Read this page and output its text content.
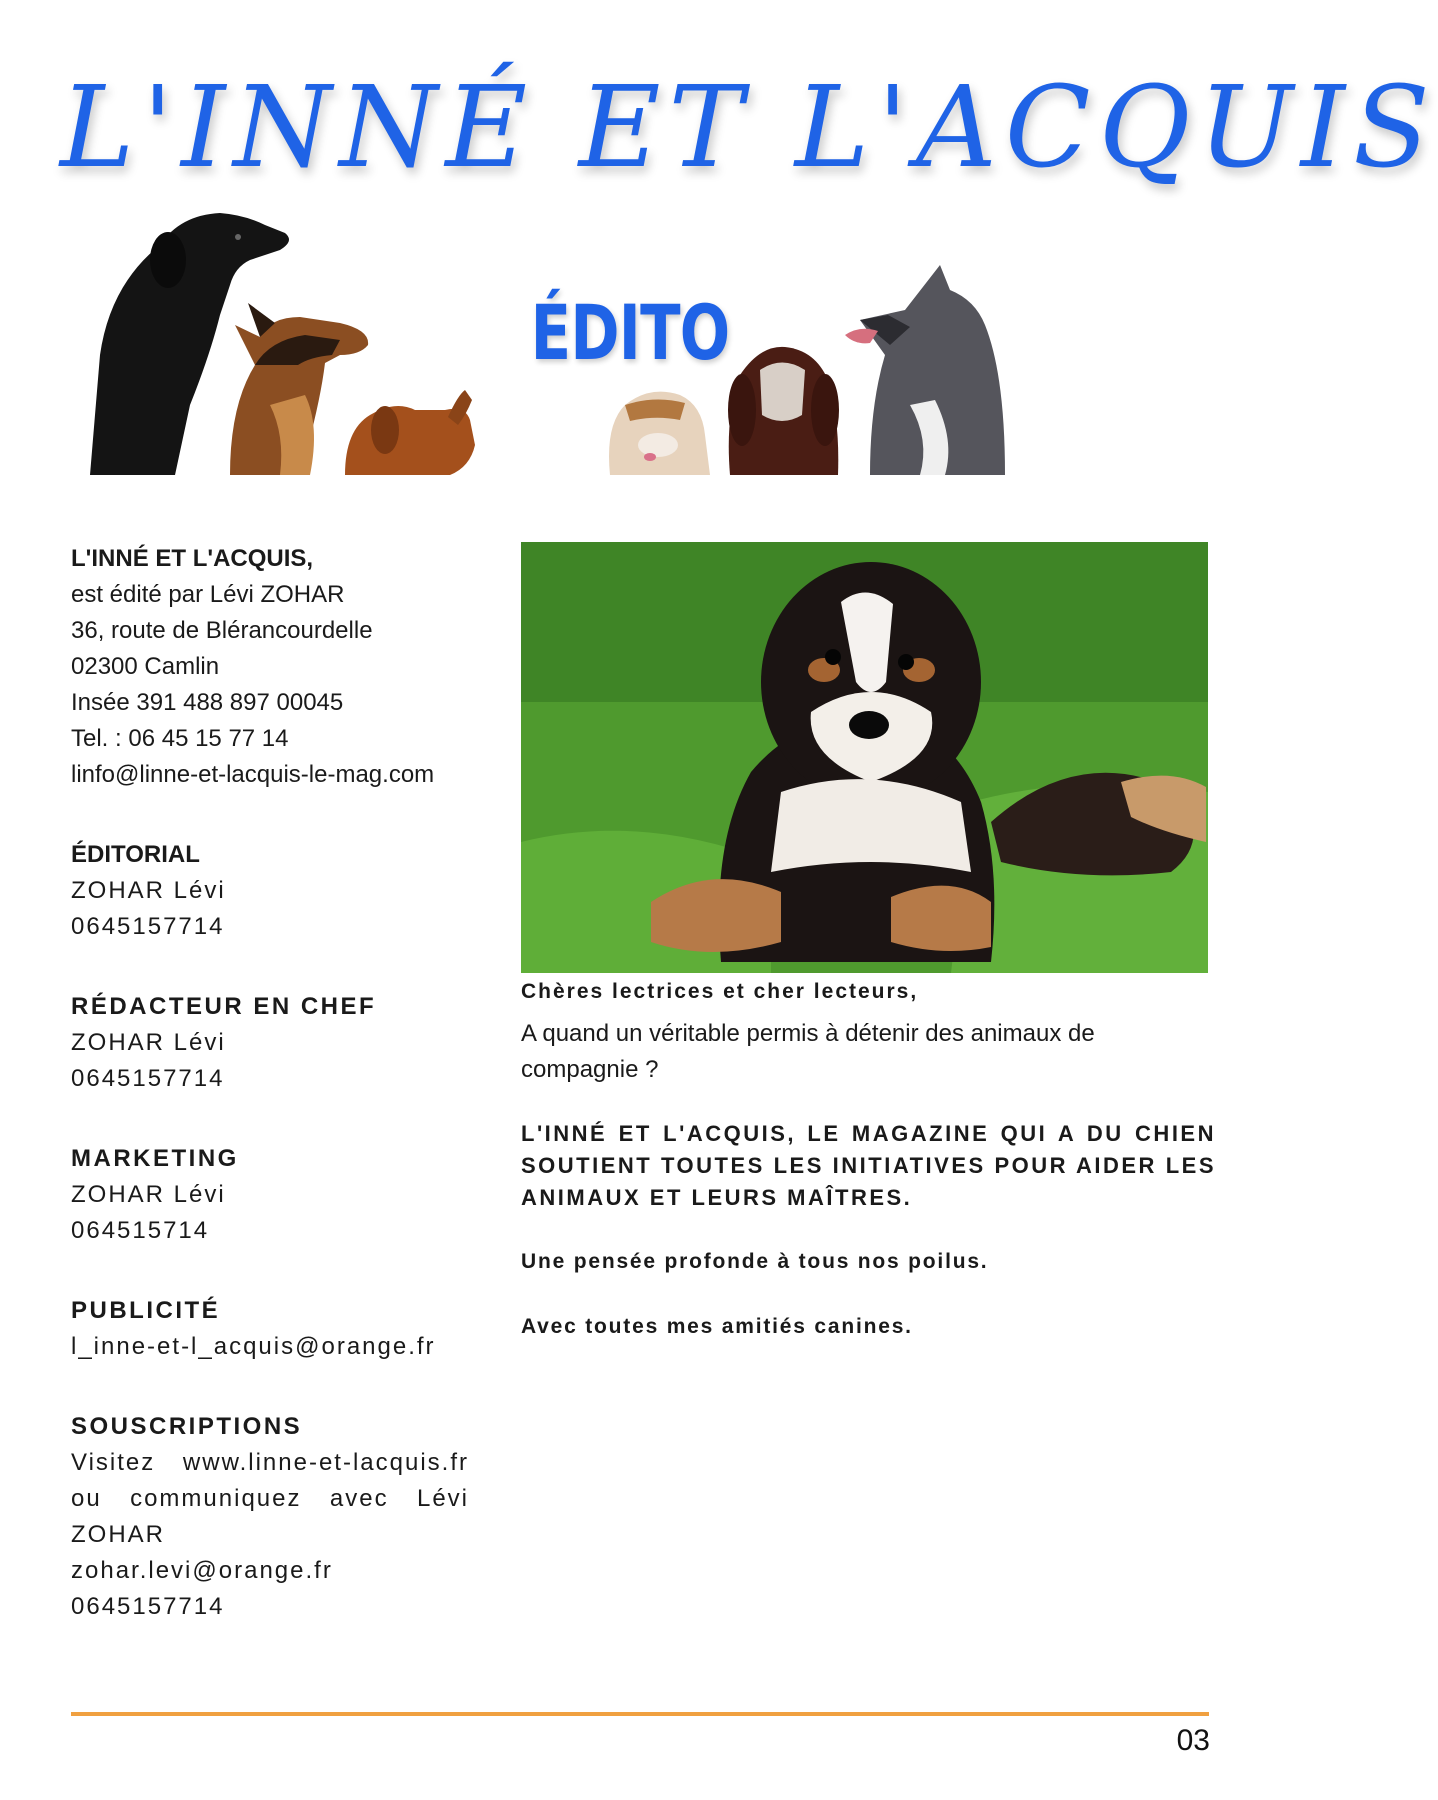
L'INNÉ ET L'ACQUIS
ÉDITO
L'INNÉ ET L'ACQUIS,
est édité par Lévi ZOHAR
36, route de Blérancourdelle
02300 Camlin
Insée 391 488 897 00045
Tel. : 06 45 15 77 14
linfo@linne-et-lacquis-le-mag.com
ÉDITORIAL
ZOHAR Lévi
0645157714
RÉDACTEUR EN CHEF
ZOHAR Lévi
0645157714
MARKETING
ZOHAR Lévi
064515714
PUBLICITÉ
l_inne-et-l_acquis@orange.fr
SOUSCRIPTIONS
Visitez www.linne-et-lacquis.fr ou communiquez avec Lévi ZOHAR
zohar.levi@orange.fr
0645157714

Chères lectrices et cher lecteurs,

A quand un véritable permis à détenir des animaux de compagnie ?

L'INNÉ ET L'ACQUIS, LE MAGAZINE QUI A DU CHIEN SOUTIENT TOUTES LES INITIATIVES POUR AIDER LES ANIMAUX ET LEURS MAÎTRES.

Une pensée profonde à tous nos poilus.

Avec toutes mes amitiés canines.

03
